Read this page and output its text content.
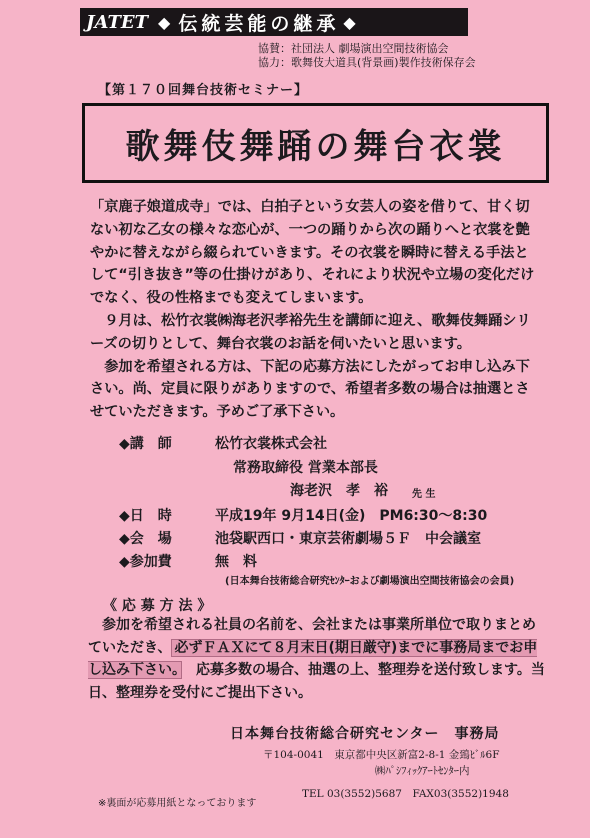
JATET ◆ 伝統芸能の継承 ◆
協賛：社団法人 劇場演出空間技術協会
協力：歌舞伎大道具(背景画)製作技術保存会
【第１７０回舞台技術セミナー】
歌舞伎舞踊の舞台衣裳

「京鹿子娘道成寺」では、白拍子という女芸人の姿を借りて、甘く切ない初な乙女の様々な恋心が、一つの踊りから次の踊りへと衣裳を艶やかに替えながら綴られていきます。その衣裳を瞬時に替える手法として“引き抜き”等の仕掛けがあり、それにより状況や立場の変化だけでなく、役の性格までも変えてしまいます。

９月は、松竹衣裳㈱海老沢孝裕先生を講師に迎え、歌舞伎舞踊シリーズの切りとして、舞台衣裳のお話を伺いたいと思います。

参加を希望される方は、下記の応募方法にしたがってお申し込み下さい。尚、定員に限りがありますので、希望者多数の場合は抽選とさせていただきます。予めご了承下さい。

◆講　師	松竹衣裳株式会社
常務取締役 営業本部長
海老沢　孝　裕 先 生
◆日　時	平成19年 9月14日(金)　PM6:30～8:30
◆会　場	池袋駅西口・東京芸術劇場５Ｆ　中会議室
◆参加費	無　料
(日本舞台技術総合研究ｾﾝﾀｰおよび劇場演出空間技術協会の会員)
《 応 募 方 法 》

参加を希望される社員の名前を、会社または事業所単位で取りまとめていただき、 必ずＦＡＸにて８月末日(期日厳守)までに事務局までお申し込み下さい。　 応募多数の場合、抽選の上、整理券を送付致します。当日、整理券を受付にご提出下さい。

日本舞台技術総合研究センター　事務局
〒104-0041　東京都中央区新富2-8-1 金鵄ﾋﾞﾙ6F
㈱ﾊﾟｼﾌｨｯｸｱｰﾄｾﾝﾀｰ内
TEL 03(3552)5687　FAX03(3552)1948
※裏面が応募用紙となっております
